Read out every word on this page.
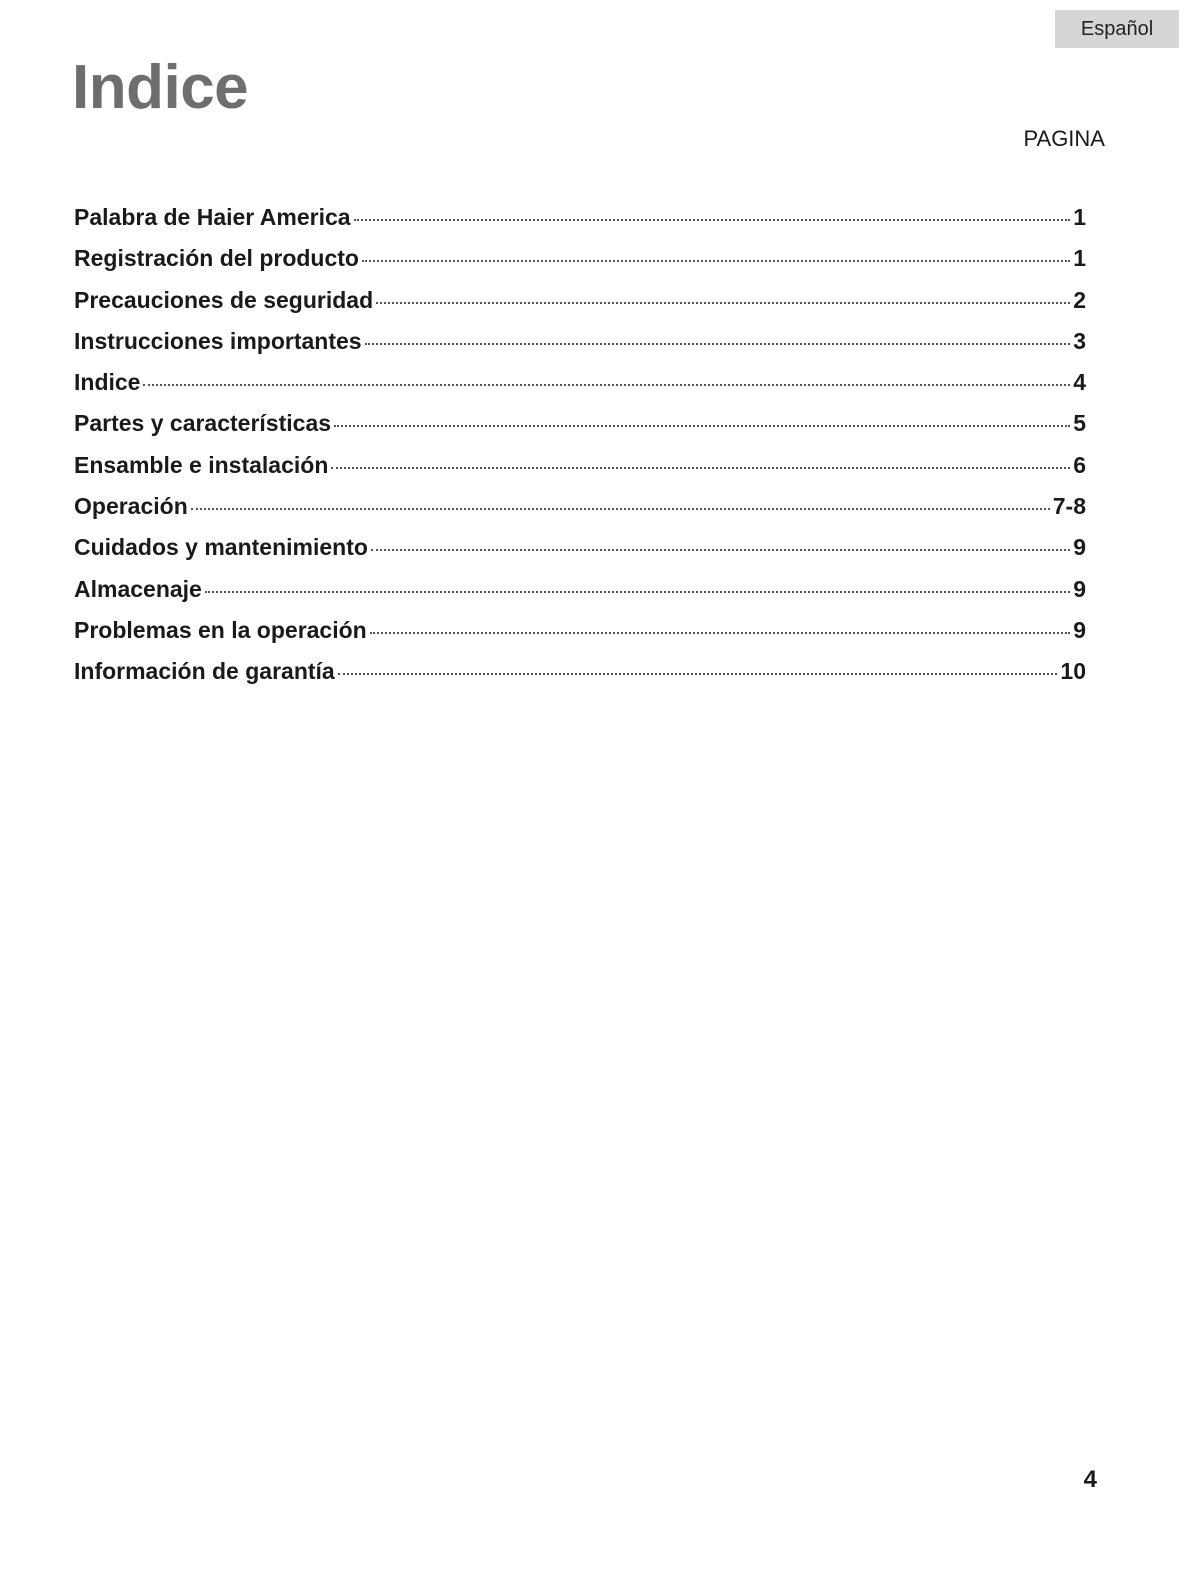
Español
Indice
PAGINA
Palabra de Haier America	1
Registración del producto	1
Precauciones de seguridad	2
Instrucciones importantes	3
Indice	4
Partes y características	5
Ensamble e instalación	6
Operación	7-8
Cuidados y mantenimiento	9
Almacenaje	9
Problemas en la operación	9
Información de garantía	10
4
